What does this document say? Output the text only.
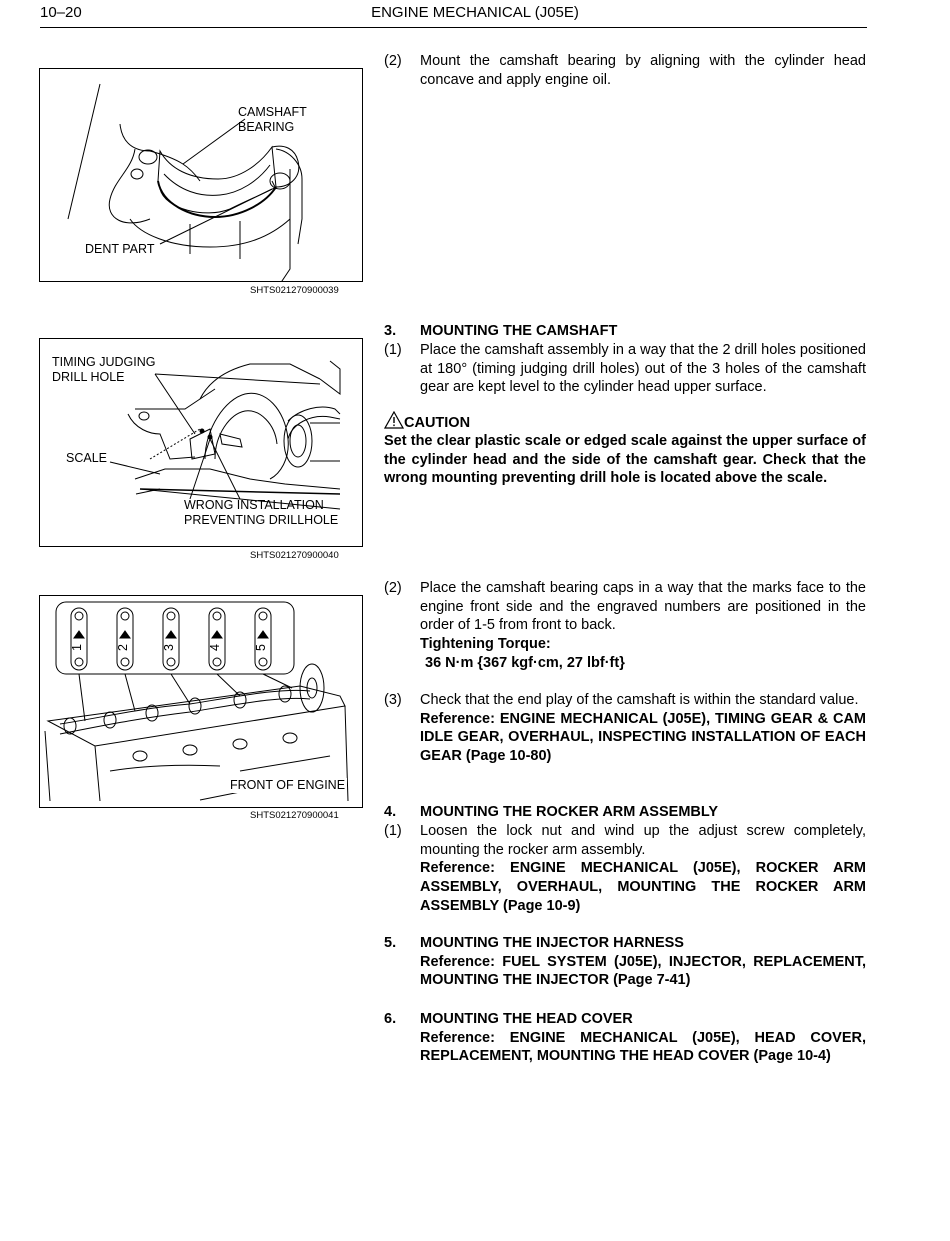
10–20	ENGINE MECHANICAL (J05E)
CAMSHAFT
BEARING
DENT PART
SHTS021270900039
TIMING JUDGING
DRILL HOLE
SCALE
WRONG INSTALLATION
PREVENTING DRILLHOLE
SHTS021270900040
1	2	3	4	5
FRONT OF ENGINE
SHTS021270900041
(2) Mount the camshaft bearing by aligning with the cylinder head concave and apply engine oil.
3. MOUNTING THE CAMSHAFT
(1) Place the camshaft assembly in a way that the 2 drill holes positioned at 180° (timing judging drill holes) out of the 3 holes of the camshaft gear are kept level to the cylinder head upper surface.
CAUTION
Set the clear plastic scale or edged scale against the upper surface of the cylinder head and the side of the camshaft gear. Check that the wrong mounting preventing drill hole is located above the scale.
(2) Place the camshaft bearing caps in a way that the marks face to the engine front side and the engraved numbers are positioned in the order of 1-5 from front to back.
Tightening Torque:
36 N·m {367 kgf·cm, 27 lbf·ft}
(3) Check that the end play of the camshaft is within the standard value.
Reference: ENGINE MECHANICAL (J05E), TIMING GEAR & CAM IDLE GEAR, OVERHAUL, INSPECTING INSTALLATION OF EACH GEAR (Page 10-80)
4. MOUNTING THE ROCKER ARM ASSEMBLY
(1) Loosen the lock nut and wind up the adjust screw completely, mounting the rocker arm assembly.
Reference: ENGINE MECHANICAL (J05E), ROCKER ARM ASSEMBLY, OVERHAUL, MOUNTING THE ROCKER ARM ASSEMBLY (Page 10-9)
5. MOUNTING THE INJECTOR HARNESS
Reference: FUEL SYSTEM (J05E), INJECTOR, REPLACEMENT, MOUNTING THE INJECTOR (Page 7-41)
6. MOUNTING THE HEAD COVER
Reference: ENGINE MECHANICAL (J05E), HEAD COVER, REPLACEMENT, MOUNTING THE HEAD COVER (Page 10-4)
